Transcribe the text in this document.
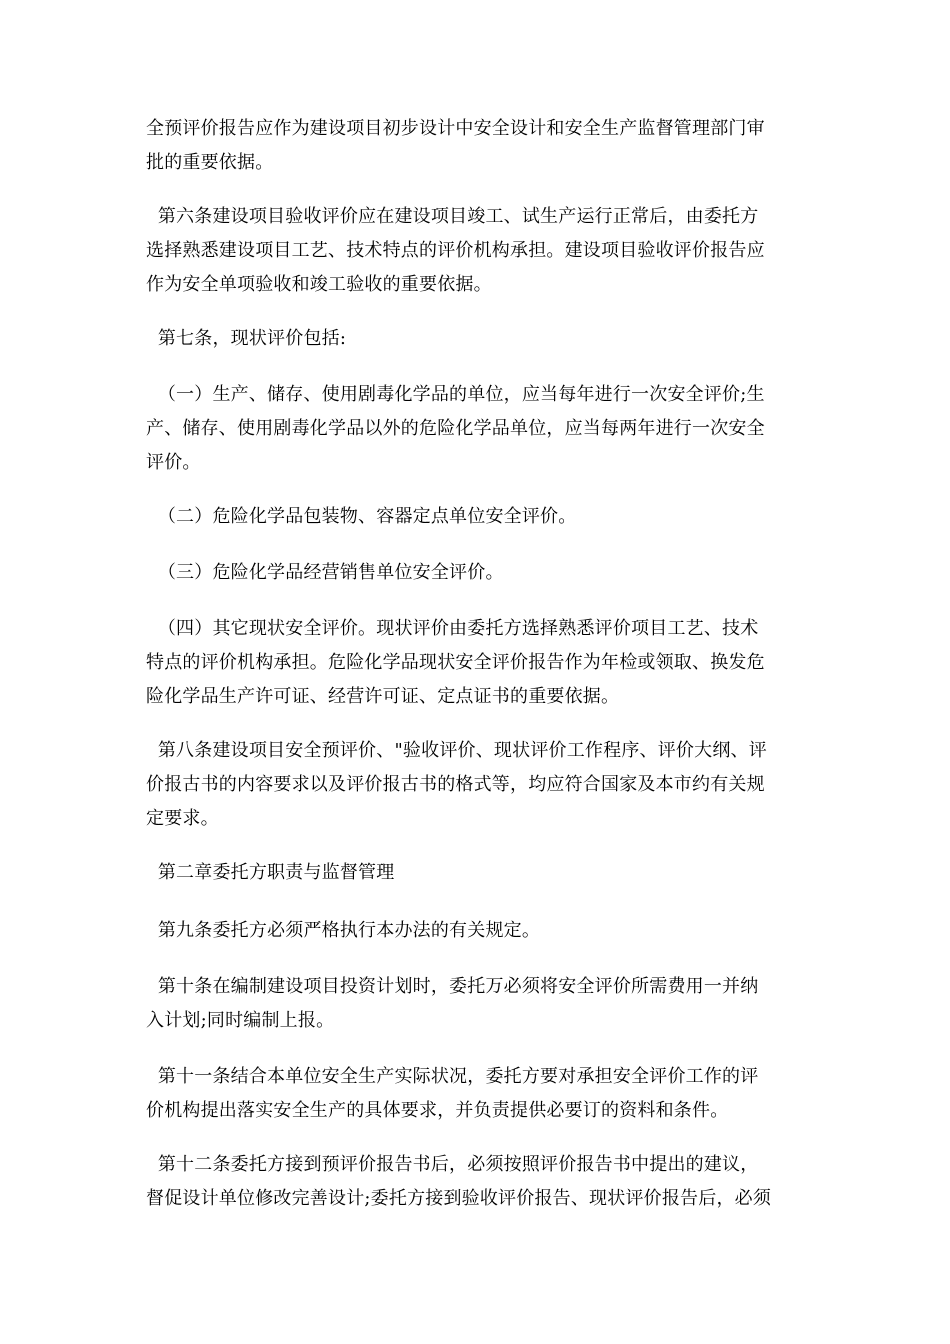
全预评价报告应作为建设项目初步设计中安全设计和安全生产监督管理部门审
批的重要依据。

第六条建设项目验收评价应在建设项目竣工、试生产运行正常后，由委托方
选择熟悉建设项目工艺、技术特点的评价机构承担。建设项目验收评价报告应
作为安全单项验收和竣工验收的重要依据。

第七条，现状评价包括:

（一）生产、储存、使用剧毒化学品的单位，应当每年进行一次安全评价;生
产、储存、使用剧毒化学品以外的危险化学品单位，应当每两年进行一次安全
评价。

（二）危险化学品包装物、容器定点单位安全评价。

（三）危险化学品经营销售单位安全评价。

（四）其它现状安全评价。现状评价由委托方选择熟悉评价项目工艺、技术
特点的评价机构承担。危险化学品现状安全评价报告作为年检或领取、换发危
险化学品生产许可证、经营许可证、定点证书的重要依据。

第八条建设项目安全预评价、"验收评价、现状评价工作程序、评价大纲、评
价报古书的内容要求以及评价报古书的格式等，均应符合国家及本市约有关规
定要求。

第二章委托方职责与监督管理

第九条委托方必须严格执行本办法的有关规定。

第十条在编制建设项目投资计划时，委托万必须将安全评价所需费用一并纳
入计划;同时编制上报。

第十一条结合本单位安全生产实际状况，委托方要对承担安全评价工作的评
价机构提出落实安全生产的具体要求，并负责提供必要订的资料和条件。

第十二条委托方接到预评价报告书后，必须按照评价报告书中提出的建议，
督促设计单位修改完善设计;委托方接到验收评价报告、现状评价报告后，必须
